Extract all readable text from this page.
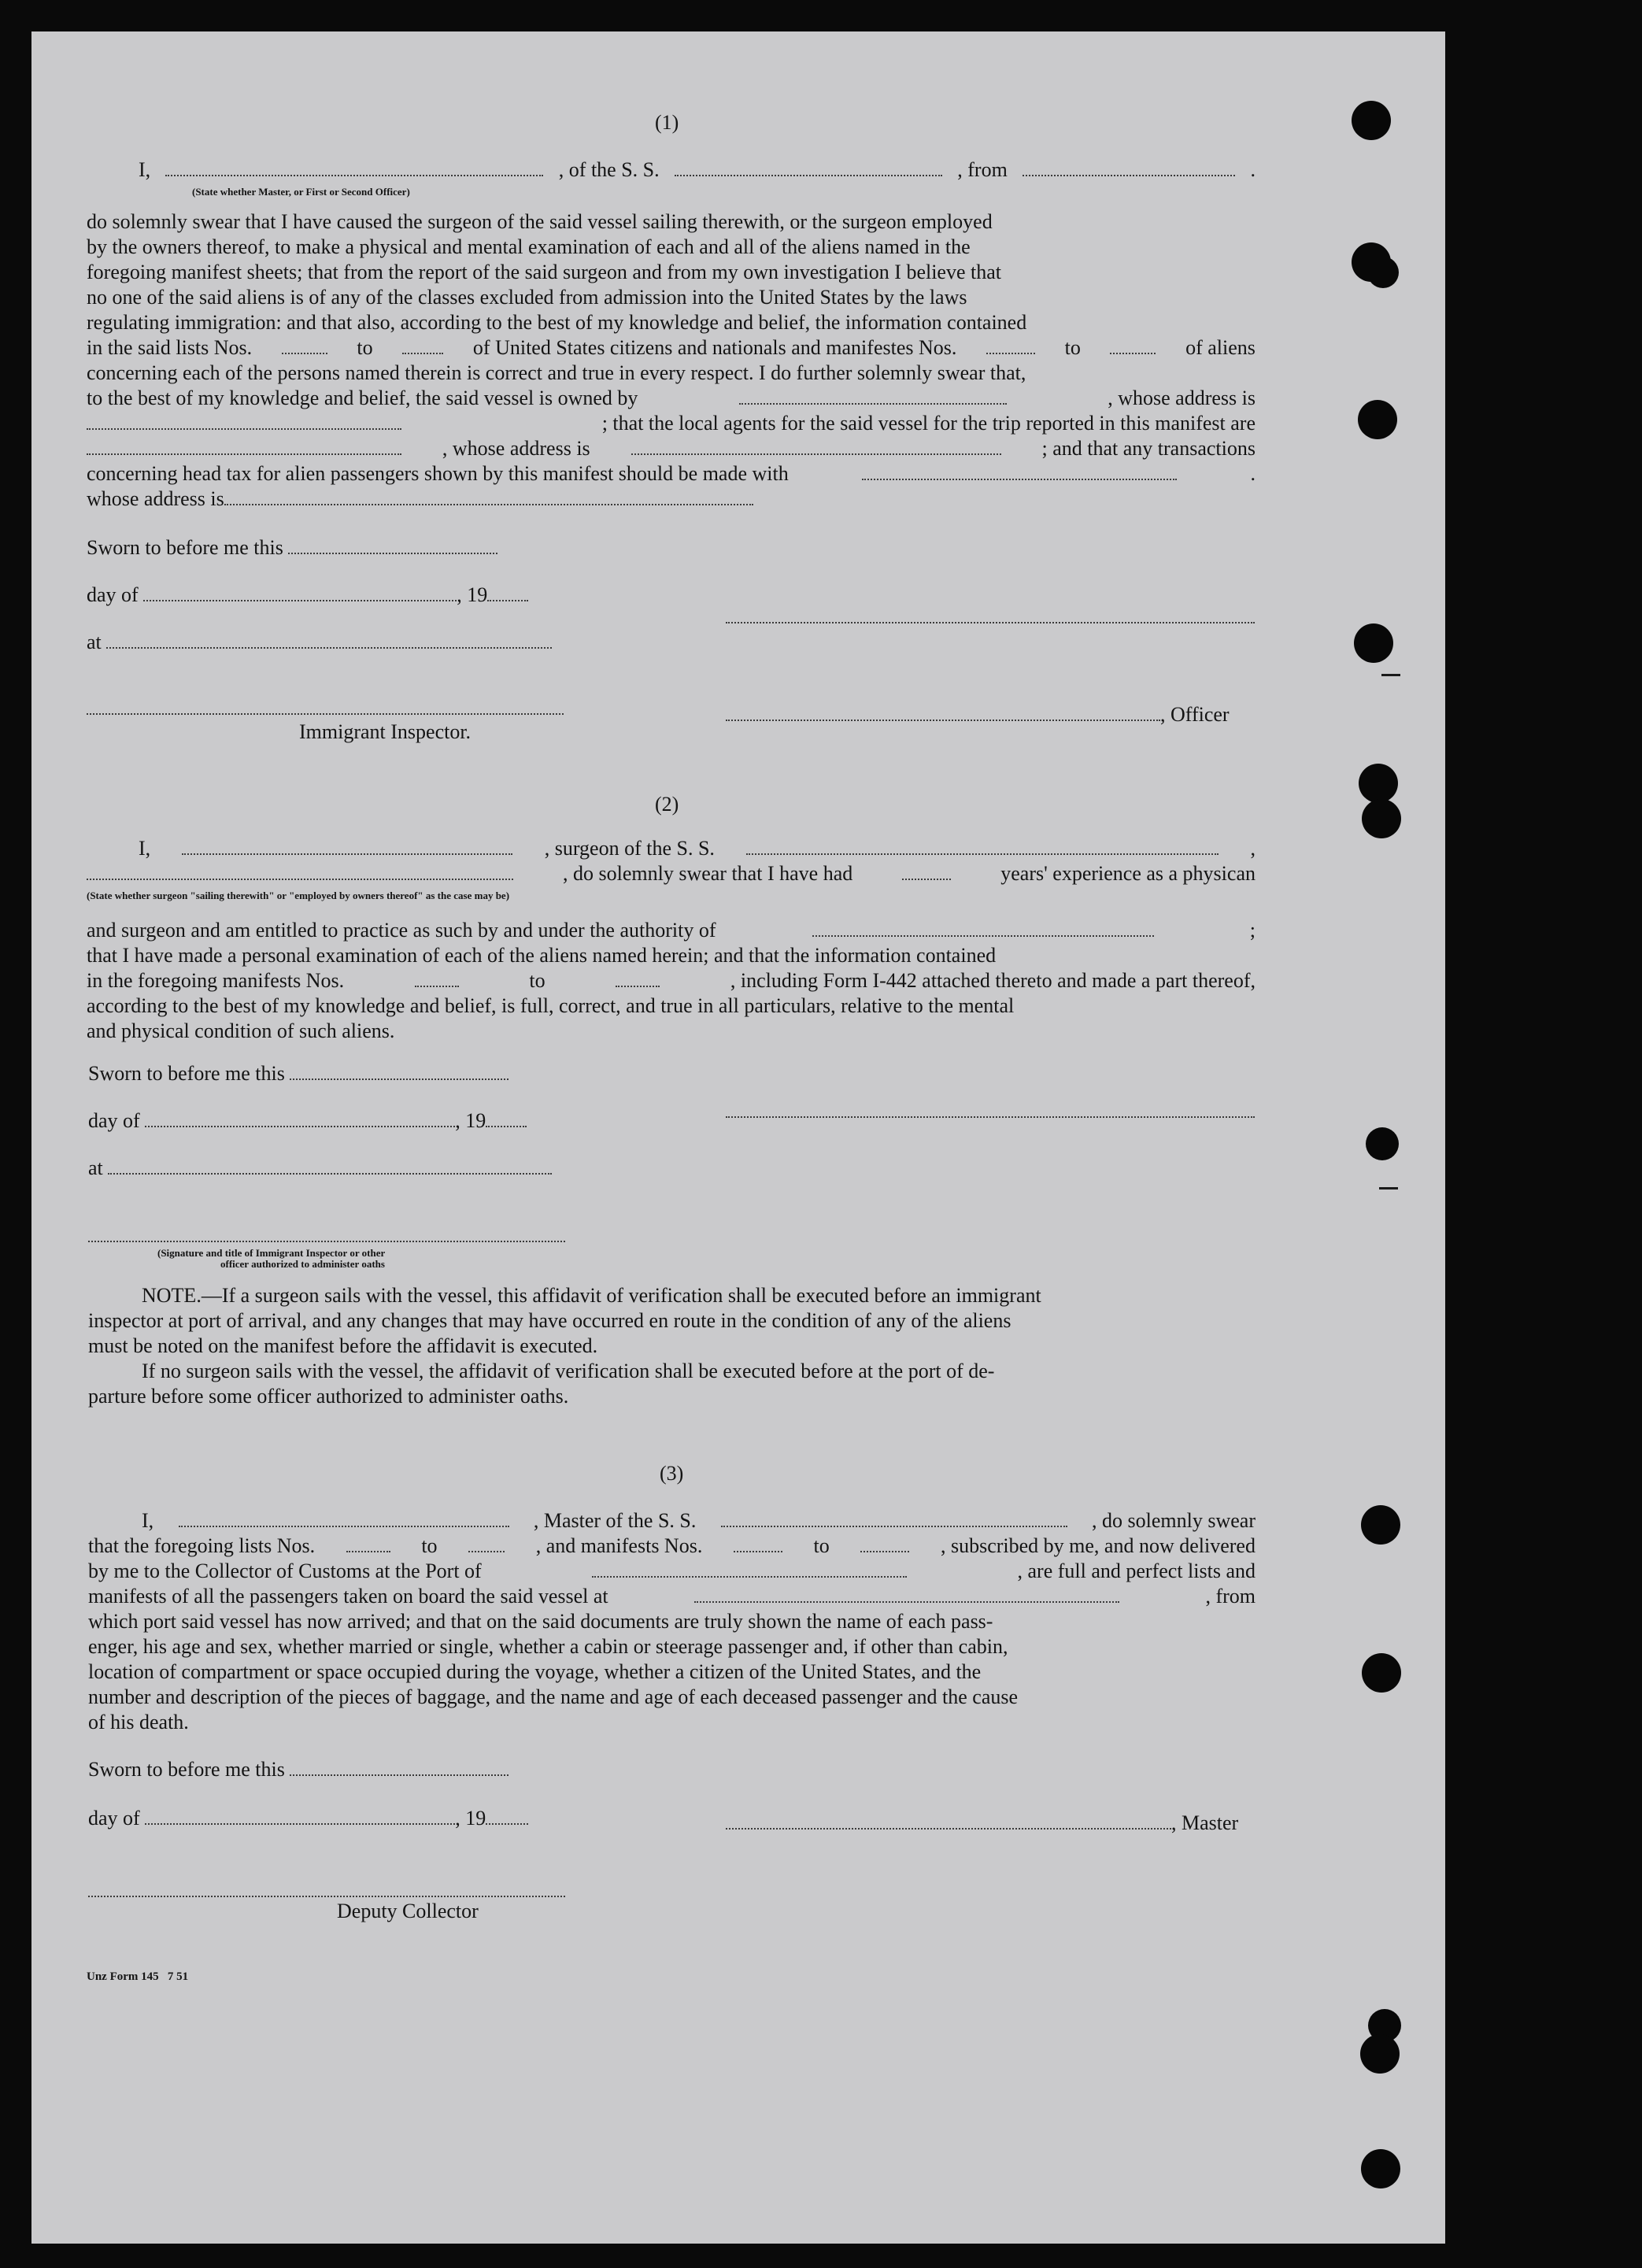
(1)
I,	, of the S. S.	, from	.
(State whether Master, or First or Second Officer)
do solemnly swear that I have caused the surgeon of the said vessel sailing therewith, or the surgeon employed
by the owners thereof, to make a physical and mental examination of each and all of the aliens named in the
foregoing manifest sheets; that from the report of the said surgeon and from my own investigation I believe that
no one of the said aliens is of any of the classes excluded from admission into the United States by the laws
regulating immigration: and that also, according to the best of my knowledge and belief, the information contained
in the said lists Nos.	to	of United States citizens and nationals and manifestes Nos.	to	of aliens
concerning each of the persons named therein is correct and true in every respect. I do further solemnly swear that,
to the best of my knowledge and belief, the said vessel is owned by	, whose address is
; that the local agents for the said vessel for the trip reported in this manifest are
, whose address is	; and that any transactions
concerning head tax for alien passengers shown by this manifest should be made with	.
whose address is
Sworn to before me this
day of	, 19
at
, Officer
Immigrant Inspector.
(2)
I,	, surgeon of the S. S.	,
, do solemnly swear that I have had	years' experience as a physican
(State whether surgeon "sailing therewith" or "employed by owners thereof" as the case may be)
and surgeon and am entitled to practice as such by and under the authority of	;
that I have made a personal examination of each of the aliens named herein; and that the information contained
in the foregoing manifests Nos.	to	, including Form I-442 attached thereto and made a part thereof,
according to the best of my knowledge and belief, is full, correct, and true in all particulars, relative to the mental
and physical condition of such aliens.
Sworn to before me this
day of	, 19
at
(Signature and title of Immigrant Inspector or other
officer authorized to administer oaths
NOTE.—If a surgeon sails with the vessel, this affidavit of verification shall be executed before an immigrant
inspector at port of arrival, and any changes that may have occurred en route in the condition of any of the aliens
must be noted on the manifest before the affidavit is executed.
If no surgeon sails with the vessel, the affidavit of verification shall be executed before at the port of de-
parture before some officer authorized to administer oaths.
(3)
I,	, Master of the S. S.	, do solemnly swear
that the foregoing lists Nos.	to	, and manifests Nos.	to	, subscribed by me, and now delivered
by me to the Collector of Customs at the Port of	, are full and perfect lists and
manifests of all the passengers taken on board the said vessel at	, from
which port said vessel has now arrived; and that on the said documents are truly shown the name of each pass-
enger, his age and sex, whether married or single, whether a cabin or steerage passenger and, if other than cabin,
location of compartment or space occupied during the voyage, whether a citizen of the United States, and the
number and description of the pieces of baggage, and the name and age of each deceased passenger and the cause
of his death.
Sworn to before me this
day of	, 19	, Master
Deputy Collector
Unz Form 145   7 51
